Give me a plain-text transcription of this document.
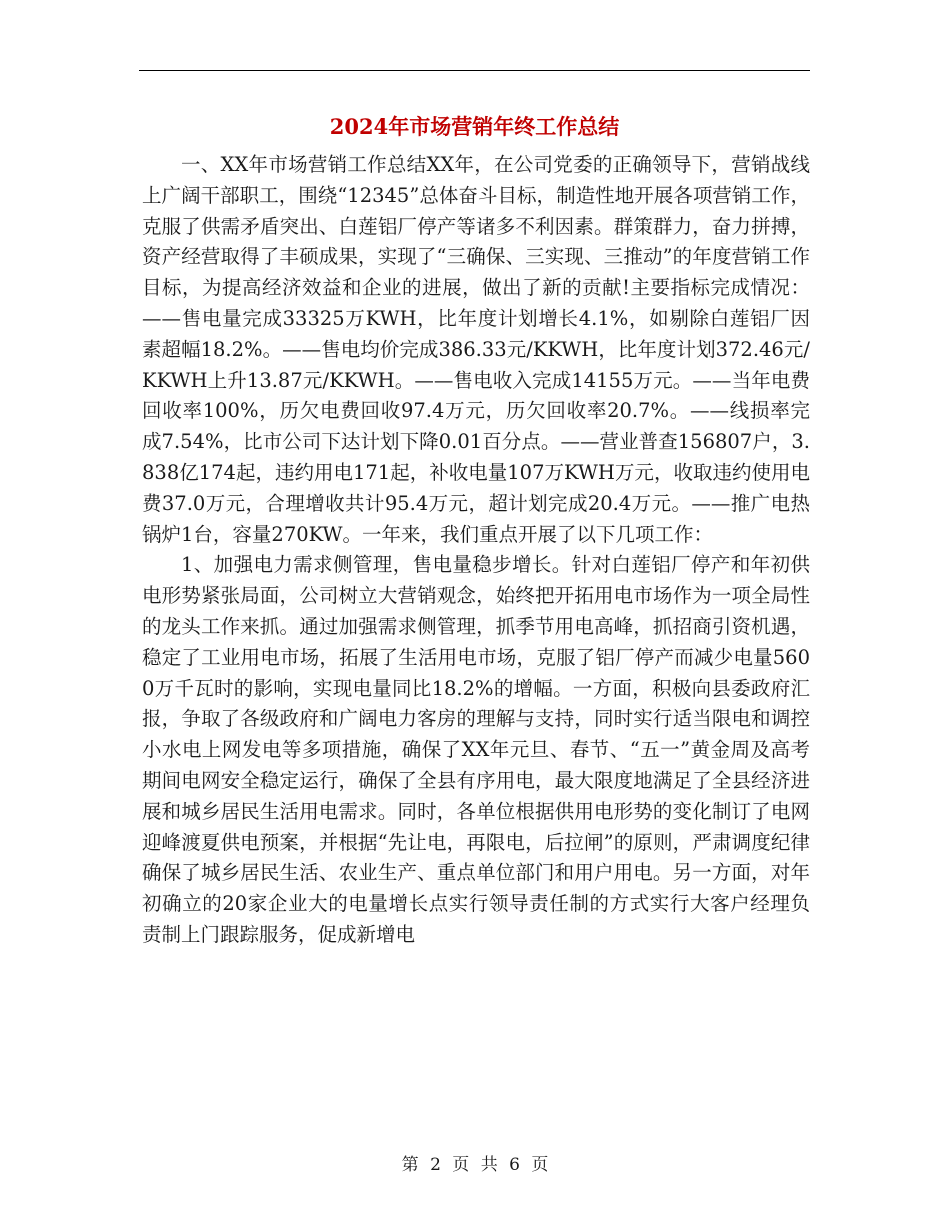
2024年市场营销年终工作总结

一、XX年市场营销工作总结XX年，在公司党委的正确领导下，营销战线上广阔干部职工，围绕“12345”总体奋斗目标，制造性地开展各项营销工作，克服了供需矛盾突出、白莲铝厂停产等诸多不利因素。群策群力，奋力拼搏，资产经营取得了丰硕成果，实现了“三确保、三实现、三推动”的年度营销工作目标，为提高经济效益和企业的进展，做出了新的贡献!主要指标完成情况：——售电量完成33325万KWH，比年度计划增长4.1%，如剔除白莲铝厂因素超幅18.2%。——售电均价完成386.33元/KKWH，比年度计划372.46元/KKWH上升13.87元/KKWH。——售电收入完成14155万元。——当年电费回收率100%，历欠电费回收97.4万元，历欠回收率20.7%。——线损率完成7.54%，比市公司下达计划下降0.01百分点。——营业普查156807户，3.838亿174起，违约用电171起，补收电量107万KWH万元，收取违约使用电费37.0万元，合理增收共计95.4万元，超计划完成20.4万元。——推广电热锅炉1台，容量270KW。一年来，我们重点开展了以下几项工作：

1、加强电力需求侧管理，售电量稳步增长。针对白莲铝厂停产和年初供电形势紧张局面，公司树立大营销观念，始终把开拓用电市场作为一项全局性的龙头工作来抓。通过加强需求侧管理，抓季节用电高峰，抓招商引资机遇，稳定了工业用电市场，拓展了生活用电市场，克服了铝厂停产而减少电量5600万千瓦时的影响，实现电量同比18.2%的增幅。一方面，积极向县委政府汇报，争取了各级政府和广阔电力客房的理解与支持，同时实行适当限电和调控小水电上网发电等多项措施，确保了XX年元旦、春节、“五一”黄金周及高考期间电网安全稳定运行，确保了全县有序用电，最大限度地满足了全县经济进展和城乡居民生活用电需求。同时，各单位根据供用电形势的变化制订了电网迎峰渡夏供电预案，并根据“先让电，再限电，后拉闸”的原则，严肃调度纪律确保了城乡居民生活、农业生产、重点单位部门和用户用电。另一方面，对年初确立的20家企业大的电量增长点实行领导责任制的方式实行大客户经理负责制上门跟踪服务，促成新增电

第 2 页 共 6 页
